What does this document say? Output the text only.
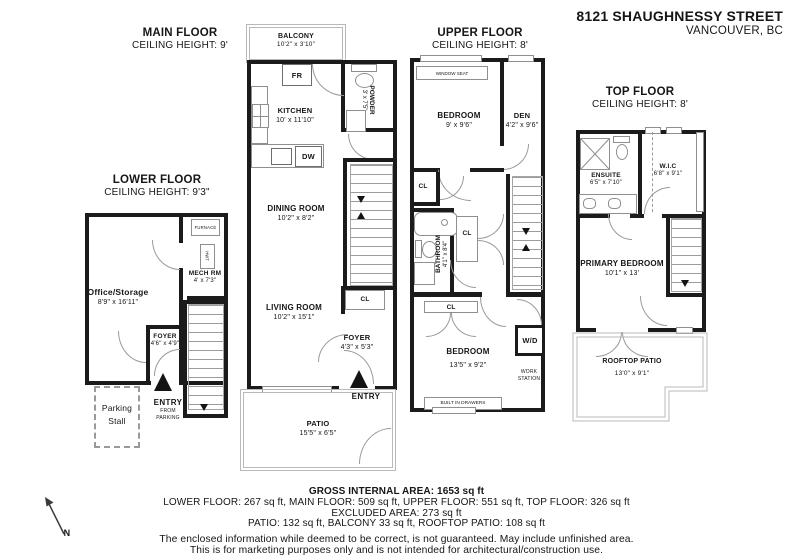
8121 SHAUGHNESSY STREET
VANCOUVER, BC
LOWER FLOOR
CEILING HEIGHT: 9'3"
FURNACE
HWT
MECH RM
4' x 7'3"
Office/Storage
8'9" x 16'11"
FOYER
4'6" x 4'9"
Parking Stall
ENTRY
FROM PARKING
MAIN FLOOR
CEILING HEIGHT: 9'
BALCONY
10'2" x 3'10"
FR
DW
KITCHEN
10' x 11'10"
POWDER
3' x 7'5"
DINING ROOM
10'2" x 8'2"
CL
FOYER
4'3" x 5'3"
LIVING ROOM
10'2" x 15'1"
ENTRY
PATIO
15'5" x 6'5"
UPPER FLOOR
CEILING HEIGHT: 8'
WINDOW SEAT
BEDROOM
9' x 9'6"
DEN
4'2" x 9'6"
CL
BATHROOM 4'1" x 8'4"
CL
CL
W/D
BEDROOM
13'5" x 9'2"
WORK STATION
BUILT IN DRAWERS
TOP FLOOR
CEILING HEIGHT: 8'
ENSUITE
6'5" x 7'10"
W.I.C
6'8" x 9'1"
PRIMARY BEDROOM
10'1" x 13'
ROOFTOP PATIO
13'0" x 9'1"
N
GROSS INTERNAL AREA: 1653 sq ft
LOWER FLOOR: 267 sq ft, MAIN FLOOR: 509 sq ft, UPPER FLOOR: 551 sq ft, TOP FLOOR: 326 sq ft
EXCLUDED AREA: 273 sq ft
PATIO: 132 sq ft, BALCONY 33 sq ft, ROOFTOP PATIO: 108 sq ft
The enclosed information while deemed to be correct, is not guaranteed. May include unfinished area.
This is for marketing purposes only and is not intended for architectural/construction use.
